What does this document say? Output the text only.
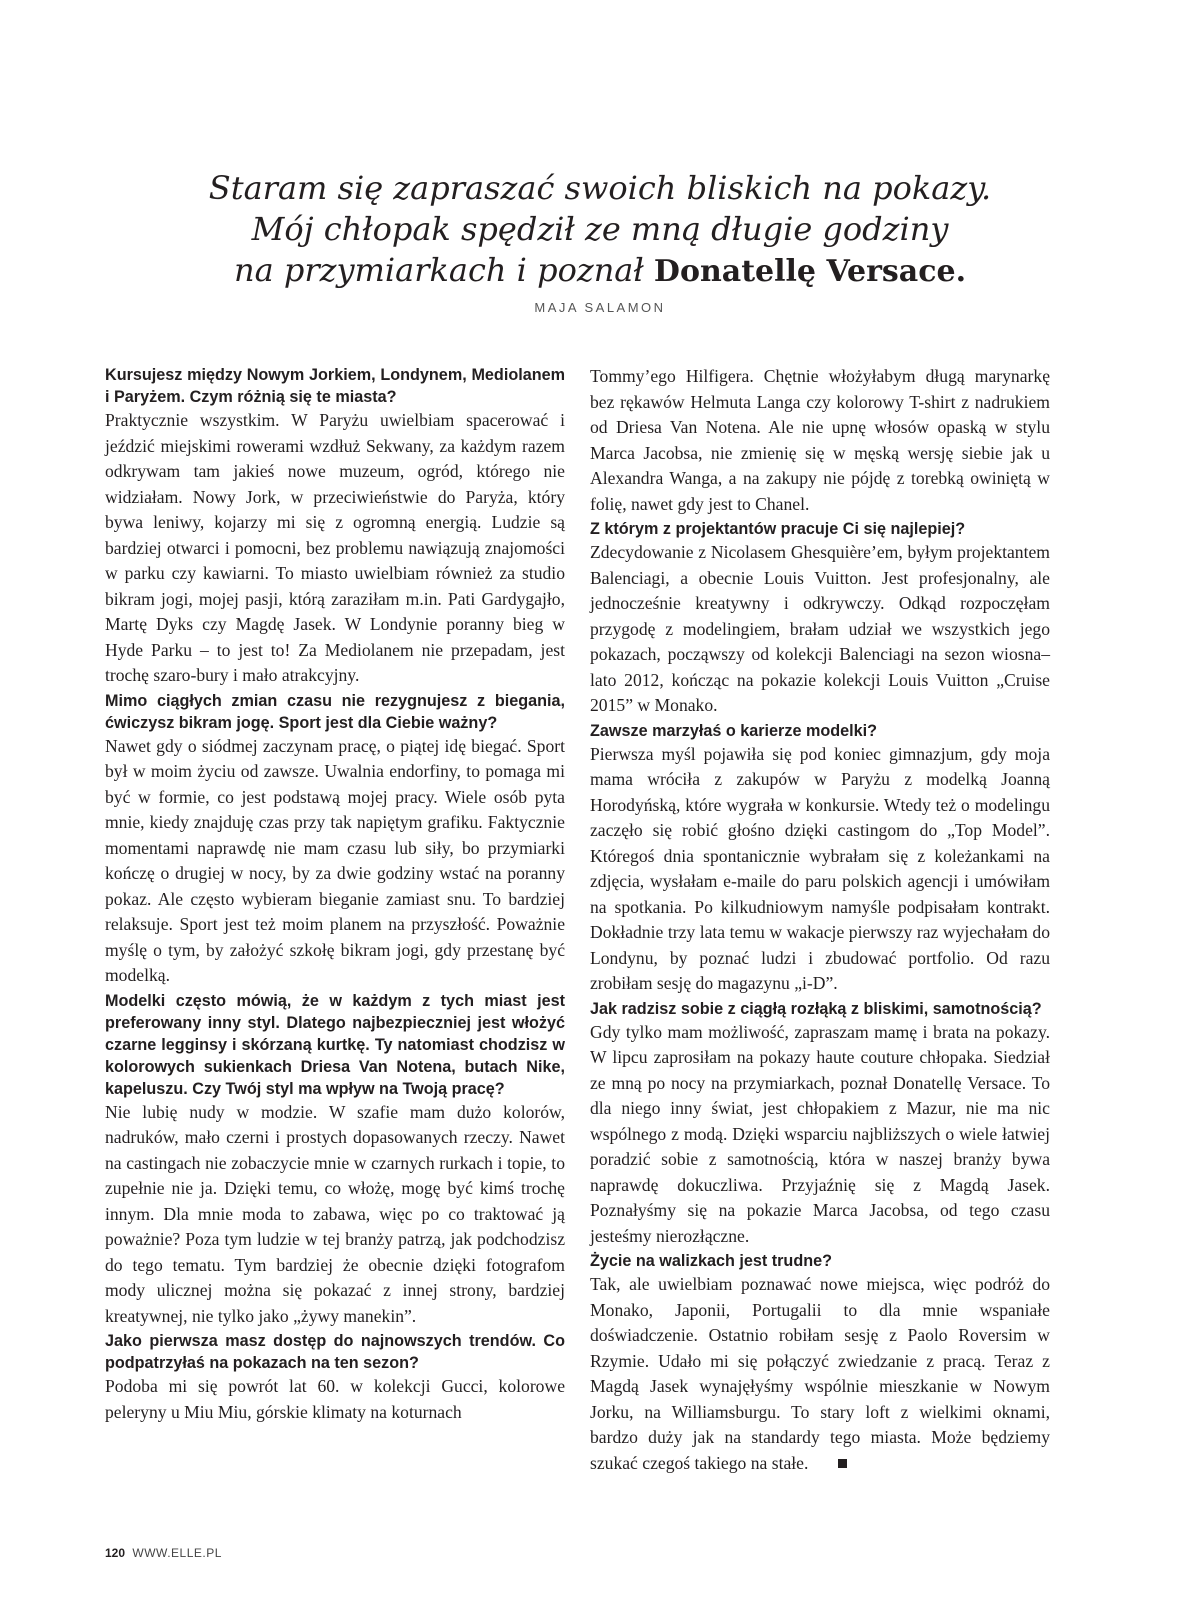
Staram się zapraszać swoich bliskich na pokazy.
Mój chłopak spędził ze mną długie godziny
na przymiarkach i poznał Donatellę Versace.
MAJA SALAMON

Kursujesz między Nowym Jorkiem, Londynem, Mediolanem i Paryżem. Czym różnią się te miasta?

Praktycznie wszystkim. W Paryżu uwielbiam spacerować i jeździć miejskimi rowerami wzdłuż Sekwany, za każdym razem odkrywam tam jakieś nowe muzeum, ogród, którego nie widziałam. Nowy Jork, w przeciwieństwie do Paryża, który bywa leniwy, kojarzy mi się z ogromną energią. Ludzie są bardziej otwarci i pomocni, bez problemu nawiązują znajomości w parku czy kawiarni. To miasto uwielbiam również za studio bikram jogi, mojej pasji, którą zaraziłam m.in. Pati Gardygajło, Martę Dyks czy Magdę Jasek. W Londynie poranny bieg w Hyde Parku – to jest to! Za Mediolanem nie przepadam, jest trochę szaro-bury i mało atrakcyjny.

Mimo ciągłych zmian czasu nie rezygnujesz z biegania, ćwiczysz bikram jogę. Sport jest dla Ciebie ważny?

Nawet gdy o siódmej zaczynam pracę, o piątej idę biegać. Sport był w moim życiu od zawsze. Uwalnia endorfiny, to pomaga mi być w formie, co jest podstawą mojej pracy. Wiele osób pyta mnie, kiedy znajduję czas przy tak napiętym grafiku. Faktycznie momentami naprawdę nie mam czasu lub siły, bo przymiarki kończę o drugiej w nocy, by za dwie godziny wstać na poranny pokaz. Ale często wybieram bieganie zamiast snu. To bardziej relaksuje. Sport jest też moim planem na przyszłość. Poważnie myślę o tym, by założyć szkołę bikram jogi, gdy przestanę być modelką.

Modelki często mówią, że w każdym z tych miast jest preferowany inny styl. Dlatego najbezpieczniej jest włożyć czarne legginsy i skórzaną kurtkę. Ty natomiast chodzisz w kolorowych sukienkach Driesa Van Notena, butach Nike, kapeluszu. Czy Twój styl ma wpływ na Twoją pracę?

Nie lubię nudy w modzie. W szafie mam dużo kolorów, nadruków, mało czerni i prostych dopasowanych rzeczy. Nawet na castingach nie zobaczycie mnie w czarnych rurkach i topie, to zupełnie nie ja. Dzięki temu, co włożę, mogę być kimś trochę innym. Dla mnie moda to zabawa, więc po co traktować ją poważnie? Poza tym ludzie w tej branży patrzą, jak podchodzisz do tego tematu. Tym bardziej że obecnie dzięki fotografom mody ulicznej można się pokazać z innej strony, bardziej kreatywnej, nie tylko jako „żywy manekin”.

Jako pierwsza masz dostęp do najnowszych trendów. Co podpatrzyłaś na pokazach na ten sezon?

Podoba mi się powrót lat 60. w kolekcji Gucci, kolorowe peleryny u Miu Miu, górskie klimaty na koturnach

Tommy’ego Hilfigera. Chętnie włożyłabym długą marynarkę bez rękawów Helmuta Langa czy kolorowy T-shirt z nadrukiem od Driesa Van Notena. Ale nie upnę włosów opaską w stylu Marca Jacobsa, nie zmienię się w męską wersję siebie jak u Alexandra Wanga, a na zakupy nie pójdę z torebką owiniętą w folię, nawet gdy jest to Chanel.

Z którym z projektantów pracuje Ci się najlepiej?

Zdecydowanie z Nicolasem Ghesquière’em, byłym projektantem Balenciagi, a obecnie Louis Vuitton. Jest profesjonalny, ale jednocześnie kreatywny i odkrywczy. Odkąd rozpoczęłam przygodę z modelingiem, brałam udział we wszystkich jego pokazach, począwszy od kolekcji Balenciagi na sezon wiosna–lato 2012, kończąc na pokazie kolekcji Louis Vuitton „Cruise 2015” w Monako.

Zawsze marzyłaś o karierze modelki?

Pierwsza myśl pojawiła się pod koniec gimnazjum, gdy moja mama wróciła z zakupów w Paryżu z modelką Joanną Horodyńską, które wygrała w konkursie. Wtedy też o modelingu zaczęło się robić głośno dzięki castingom do „Top Model”. Któregoś dnia spontanicznie wybrałam się z koleżankami na zdjęcia, wysłałam e-maile do paru polskich agencji i umówiłam na spotkania. Po kilkudniowym namyśle podpisałam kontrakt. Dokładnie trzy lata temu w wakacje pierwszy raz wyjechałam do Londynu, by poznać ludzi i zbudować portfolio. Od razu zrobiłam sesję do magazynu „i-D”.

Jak radzisz sobie z ciągłą rozłąką z bliskimi, samotnością?

Gdy tylko mam możliwość, zapraszam mamę i brata na pokazy. W lipcu zaprosiłam na pokazy haute couture chłopaka. Siedział ze mną po nocy na przymiarkach, poznał Donatellę Versace. To dla niego inny świat, jest chłopakiem z Mazur, nie ma nic wspólnego z modą. Dzięki wsparciu najbliższych o wiele łatwiej poradzić sobie z samotnością, która w naszej branży bywa naprawdę dokuczliwa. Przyjaźnię się z Magdą Jasek. Poznałyśmy się na pokazie Marca Jacobsa, od tego czasu jesteśmy nierozłączne.

Życie na walizkach jest trudne?

Tak, ale uwielbiam poznawać nowe miejsca, więc podróż do Monako, Japonii, Portugalii to dla mnie wspaniałe doświadczenie. Ostatnio robiłam sesję z Paolo Roversim w Rzymie. Udało mi się połączyć zwiedzanie z pracą. Teraz z Magdą Jasek wynajęłyśmy wspólnie mieszkanie w Nowym Jorku, na Williamsburgu. To stary loft z wielkimi oknami, bardzo duży jak na standardy tego miasta. Może będziemy szukać czegoś takiego na stałe.

120 WWW.ELLE.PL
